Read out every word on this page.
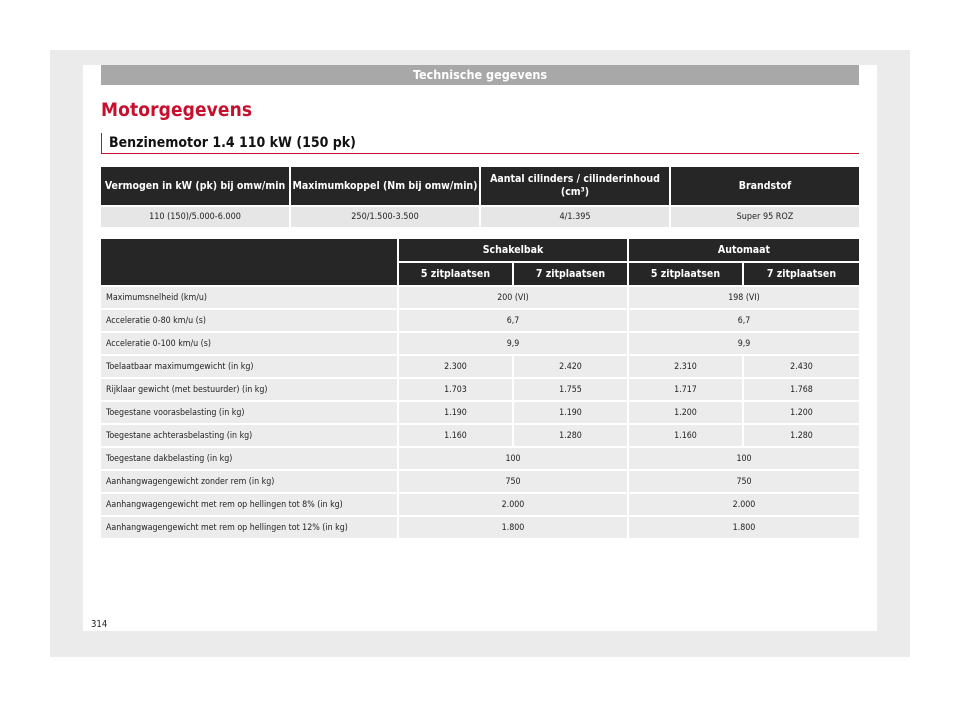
Technische gegevens
Motorgegevens
Benzinemotor 1.4 110 kW (150 pk)
Vermogen in kW (pk) bij omw/min	Maximumkoppel (Nm bij omw/min)	Aantal cilinders / cilinderinhoud (cm³)	Brandstof
110 (150)/5.000-6.000	250/1.500-3.500	4/1.395	Super 95 ROZ
	Schakelbak		Automaat	
	5 zitplaatsen	7 zitplaatsen	5 zitplaatsen	7 zitplaatsen
Maximumsnelheid (km/u)	200 (VI)		198 (VI)	
Acceleratie 0-80 km/u (s)	6,7		6,7	
Acceleratie 0-100 km/u (s)	9,9		9,9	
Toelaatbaar maximumgewicht (in kg)	2.300	2.420	2.310	2.430
Rijklaar gewicht (met bestuurder) (in kg)	1.703	1.755	1.717	1.768
Toegestane voorasbelasting (in kg)	1.190	1.190	1.200	1.200
Toegestane achterasbelasting (in kg)	1.160	1.280	1.160	1.280
Toegestane dakbelasting (in kg)	100		100	
Aanhangwagengewicht zonder rem (in kg)	750		750	
Aanhangwagengewicht met rem op hellingen tot 8% (in kg)	2.000		2.000	
Aanhangwagengewicht met rem op hellingen tot 12% (in kg)	1.800		1.800	
314
